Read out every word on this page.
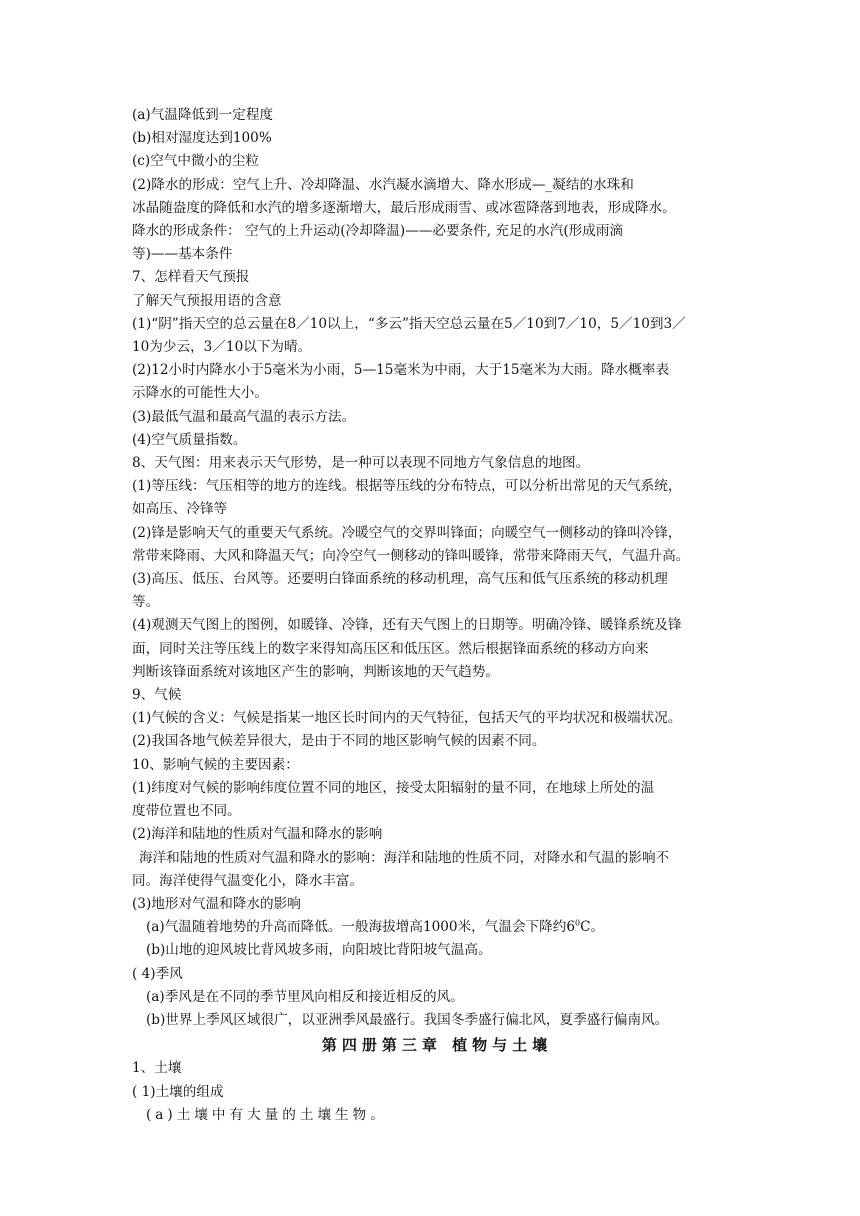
(a)气温降低到一定程度
(b)相对湿度达到100%
(c)空气中微小的尘粒
(2)降水的形成：空气上升、冷却降温、水汽凝水滴增大、降水形成—_凝结的水珠和
冰晶随盎度的降低和水汽的增多逐渐增大，最后形成雨雪、或冰雹降落到地表，形成降水。
降水的形成条件： 空气的上升运动(冷却降温)——必要条件, 充足的水汽(形成雨滴
等)——基本条件
7、怎样看天气预报
了解天气预报用语的含意
(1)“阴”指天空的总云量在8／10以上，“多云”指天空总云量在5／10到7／10，5／10到3／
10为少云，3／10以下为晴。
(2)12小时内降水小于5毫米为小雨，5—15毫米为中雨，大于15毫米为大雨。降水概率表
示降水的可能性大小。
(3)最低气温和最高气温的表示方法。
(4)空气质量指数。
8、天气图：用来表示天气形势，是一种可以表现不同地方气象信息的地图。
(1)等压线：气压相等的地方的连线。根据等压线的分布特点，可以分析出常见的天气系统，
如高压、冷锋等
(2)锋是影响天气的重要天气系统。冷暖空气的交界叫锋面；向暖空气一侧移动的锋叫冷锋，
常带来降雨、大风和降温天气；向冷空气一侧移动的锋叫暖锋，常带来降雨天气，气温升高。
(3)高压、低压、台风等。还要明白锋面系统的移动机理，高气压和低气压系统的移动机理
等。
(4)观测天气图上的图例，如暖锋、冷锋，还有天气图上的日期等。明确冷锋、暖锋系统及锋
面，同时关注等压线上的数字来得知高压区和低压区。然后根据锋面系统的移动方向来
判断该锋面系统对该地区产生的影响，判断该地的天气趋势。
9、气候
(1)气候的含义：气候是指某一地区长时间内的天气特征，包括天气的平均状况和极端状况。
(2)我国各地气候差异很大，是由于不同的地区影响气候的因素不同。
10、影响气候的主要因素：
(1)纬度对气候的影响纬度位置不同的地区，接受太阳辐射的量不同，在地球上所处的温
度带位置也不同。
(2)海洋和陆地的性质对气温和降水的影响
海洋和陆地的性质对气温和降水的影响：海洋和陆地的性质不同，对降水和气温的影响不
同。海洋使得气温变化小，降水丰富。
(3)地形对气温和降水的影响
(a)气温随着地势的升高而降低。一般海拔增高1000米，气温会下降约$6^0C$。
(b)山地的迎风坡比背风坡多雨，向阳坡比背阳坡气温高。
( 4)季风
(a)季风是在不同的季节里风向相反和接近相反的风。
(b)世界上季风区域很广，以亚洲季风最盛行。我国冬季盛行偏北风，夏季盛行偏南风。
第四册第三章 植物与土壤
1、土壤
( 1)土壤的组成
(a)土壤中有大量的土壤生物。
